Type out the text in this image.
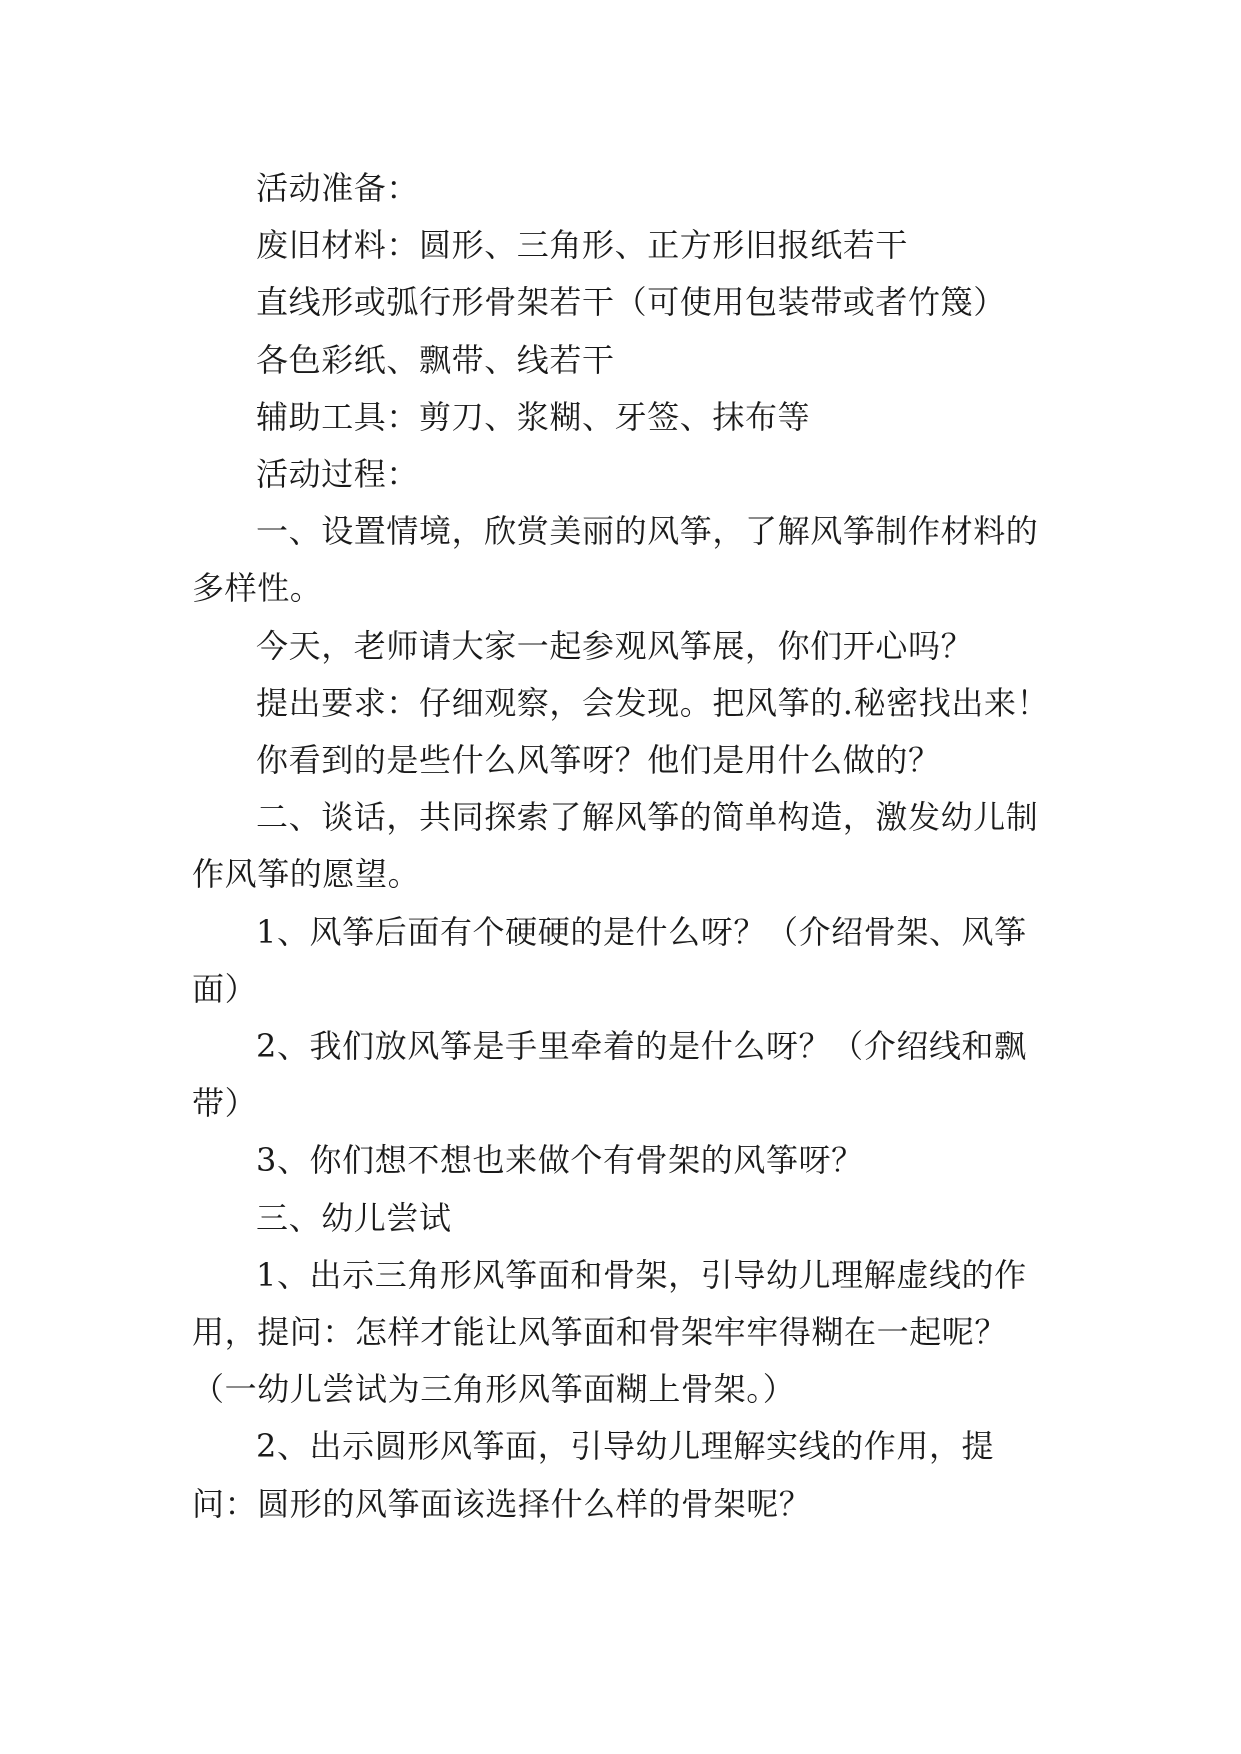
活动准备：

废旧材料：圆形、三角形、正方形旧报纸若干

直线形或弧行形骨架若干（可使用包装带或者竹篾）

各色彩纸、飘带、线若干

辅助工具：剪刀、浆糊、牙签、抹布等

活动过程：

一、设置情境，欣赏美丽的风筝，了解风筝制作材料的多样性。

今天，老师请大家一起参观风筝展，你们开心吗？

提出要求：仔细观察，会发现。把风筝的.秘密找出来！

你看到的是些什么风筝呀？他们是用什么做的？

二、谈话，共同探索了解风筝的简单构造，激发幼儿制作风筝的愿望。

1、风筝后面有个硬硬的是什么呀？（介绍骨架、风筝面）

2、我们放风筝是手里牵着的是什么呀？（介绍线和飘带）

3、你们想不想也来做个有骨架的风筝呀？

三、幼儿尝试

1、出示三角形风筝面和骨架，引导幼儿理解虚线的作用，提问：怎样才能让风筝面和骨架牢牢得糊在一起呢？（一幼儿尝试为三角形风筝面糊上骨架。）

2、出示圆形风筝面，引导幼儿理解实线的作用，提问：圆形的风筝面该选择什么样的骨架呢？
